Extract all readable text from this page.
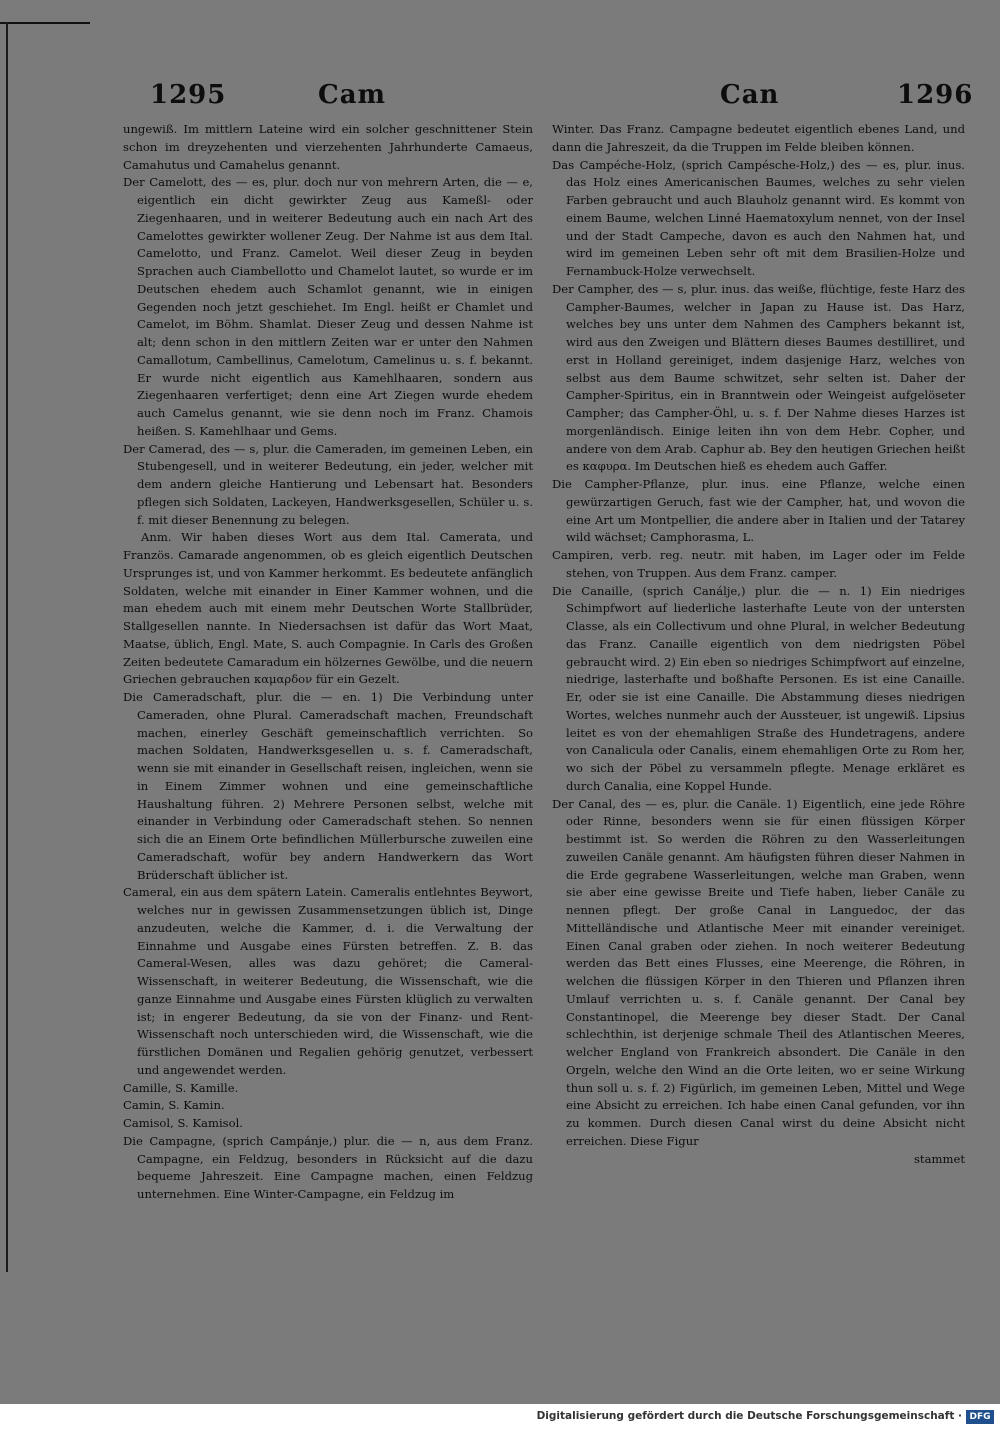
1295	Cam	Can	1296

ungewiß. Im mittlern Lateine wird ein solcher geschnittener Stein schon im dreyzehenten und vierzehenten Jahrhunderte Camaeus, Camahutus und Camahelus genannt.

Der Camelott, des — es, plur. doch nur von mehrern Arten, die — e, eigentlich ein dicht gewirkter Zeug aus Kameßl- oder Ziegenhaaren, und in weiterer Bedeutung auch ein nach Art des Camelottes gewirkter wollener Zeug. Der Nahme ist aus dem Ital. Camelotto, und Franz. Camelot. Weil dieser Zeug in beyden Sprachen auch Ciambellotto und Chamelot lautet, so wurde er im Deutschen ehedem auch Schamlot genannt, wie in einigen Gegenden noch jetzt geschiehet. Im Engl. heißt er Chamlet und Camelot, im Böhm. Shamlat. Dieser Zeug und dessen Nahme ist alt; denn schon in den mittlern Zeiten war er unter den Nahmen Camallotum, Cambellinus, Camelotum, Camelinus u. s. f. bekannt. Er wurde nicht eigentlich aus Kamehlhaaren, sondern aus Ziegenhaaren verfertiget; denn eine Art Ziegen wurde ehedem auch Camelus genannt, wie sie denn noch im Franz. Chamois heißen. S. Kamehlhaar und Gems.

Der Camerad, des — s, plur. die Cameraden, im gemeinen Leben, ein Stubengesell, und in weiterer Bedeutung, ein jeder, welcher mit dem andern gleiche Hantierung und Lebensart hat. Besonders pflegen sich Soldaten, Lackeyen, Handwerksgesellen, Schüler u. s. f. mit dieser Benennung zu belegen.

Anm. Wir haben dieses Wort aus dem Ital. Camerata, und Französ. Camarade angenommen, ob es gleich eigentlich Deutschen Ursprunges ist, und von Kammer herkommt. Es bedeutete anfänglich Soldaten, welche mit einander in Einer Kammer wohnen, und die man ehedem auch mit einem mehr Deutschen Worte Stallbrüder, Stallgesellen nannte. In Niedersachsen ist dafür das Wort Maat, Maatse, üblich, Engl. Mate, S. auch Compagnie. In Carls des Großen Zeiten bedeutete Camaradum ein hölzernes Gewölbe, und die neuern Griechen gebrauchen καμαρδον für ein Gezelt.

Die Cameradschaft, plur. die — en. 1) Die Verbindung unter Cameraden, ohne Plural. Cameradschaft machen, Freundschaft machen, einerley Geschäft gemeinschaftlich verrichten. So machen Soldaten, Handwerksgesellen u. s. f. Cameradschaft, wenn sie mit einander in Gesellschaft reisen, ingleichen, wenn sie in Einem Zimmer wohnen und eine gemeinschaftliche Haushaltung führen. 2) Mehrere Personen selbst, welche mit einander in Verbindung oder Cameradschaft stehen. So nennen sich die an Einem Orte befindlichen Müllerbursche zuweilen eine Cameradschaft, wofür bey andern Handwerkern das Wort Brüderschaft üblicher ist.

Cameral, ein aus dem spätern Latein. Cameralis entlehntes Beywort, welches nur in gewissen Zusammensetzungen üblich ist, Dinge anzudeuten, welche die Kammer, d. i. die Verwaltung der Einnahme und Ausgabe eines Fürsten betreffen. Z. B. das Cameral-Wesen, alles was dazu gehöret; die Cameral-Wissenschaft, in weiterer Bedeutung, die Wissenschaft, wie die ganze Einnahme und Ausgabe eines Fürsten klüglich zu verwalten ist; in engerer Bedeutung, da sie von der Finanz- und Rent-Wissenschaft noch unterschieden wird, die Wissenschaft, wie die fürstlichen Domänen und Regalien gehörig genutzet, verbessert und angewendet werden.

Camille, S. Kamille.

Camin, S. Kamin.

Camisol, S. Kamisol.

Die Campagne, (sprich Campánje,) plur. die — n, aus dem Franz. Campagne, ein Feldzug, besonders in Rücksicht auf die dazu bequeme Jahreszeit. Eine Campagne machen, einen Feldzug unternehmen. Eine Winter-Campagne, ein Feldzug im

Winter. Das Franz. Campagne bedeutet eigentlich ebenes Land, und dann die Jahreszeit, da die Truppen im Felde bleiben können.

Das Campéche-Holz, (sprich Campésche-Holz,) des — es, plur. inus. das Holz eines Americanischen Baumes, welches zu sehr vielen Farben gebraucht und auch Blauholz genannt wird. Es kommt von einem Baume, welchen Linné Haematoxylum nennet, von der Insel und der Stadt Campeche, davon es auch den Nahmen hat, und wird im gemeinen Leben sehr oft mit dem Brasilien-Holze und Fernambuck-Holze verwechselt.

Der Campher, des — s, plur. inus. das weiße, flüchtige, feste Harz des Campher-Baumes, welcher in Japan zu Hause ist. Das Harz, welches bey uns unter dem Nahmen des Camphers bekannt ist, wird aus den Zweigen und Blättern dieses Baumes destilliret, und erst in Holland gereiniget, indem dasjenige Harz, welches von selbst aus dem Baume schwitzet, sehr selten ist. Daher der Campher-Spiritus, ein in Branntwein oder Weingeist aufgelöseter Campher; das Campher-Öhl, u. s. f. Der Nahme dieses Harzes ist morgenländisch. Einige leiten ihn von dem Hebr. Copher, und andere von dem Arab. Caphur ab. Bey den heutigen Griechen heißt es καφυρα. Im Deutschen hieß es ehedem auch Gaffer.

Die Campher-Pflanze, plur. inus. eine Pflanze, welche einen gewürzartigen Geruch, fast wie der Campher, hat, und wovon die eine Art um Montpellier, die andere aber in Italien und der Tatarey wild wächset; Camphorasma, L.

Campiren, verb. reg. neutr. mit haben, im Lager oder im Felde stehen, von Truppen. Aus dem Franz. camper.

Die Canaille, (sprich Canálje,) plur. die — n. 1) Ein niedriges Schimpfwort auf liederliche lasterhafte Leute von der untersten Classe, als ein Collectivum und ohne Plural, in welcher Bedeutung das Franz. Canaille eigentlich von dem niedrigsten Pöbel gebraucht wird. 2) Ein eben so niedriges Schimpfwort auf einzelne, niedrige, lasterhafte und boßhafte Personen. Es ist eine Canaille. Er, oder sie ist eine Canaille. Die Abstammung dieses niedrigen Wortes, welches nunmehr auch der Aussteuer, ist ungewiß. Lipsius leitet es von der ehemahligen Straße des Hundetragens, andere von Canalicula oder Canalis, einem ehemahligen Orte zu Rom her, wo sich der Pöbel zu versammeln pflegte. Menage erkläret es durch Canalia, eine Koppel Hunde.

Der Canal, des — es, plur. die Canäle. 1) Eigentlich, eine jede Röhre oder Rinne, besonders wenn sie für einen flüssigen Körper bestimmt ist. So werden die Röhren zu den Wasserleitungen zuweilen Canäle genannt. Am häufigsten führen dieser Nahmen in die Erde gegrabene Wasserleitungen, welche man Graben, wenn sie aber eine gewisse Breite und Tiefe haben, lieber Canäle zu nennen pflegt. Der große Canal in Languedoc, der das Mittelländische und Atlantische Meer mit einander vereiniget. Einen Canal graben oder ziehen. In noch weiterer Bedeutung werden das Bett eines Flusses, eine Meerenge, die Röhren, in welchen die flüssigen Körper in den Thieren und Pflanzen ihren Umlauf verrichten u. s. f. Canäle genannt. Der Canal bey Constantinopel, die Meerenge bey dieser Stadt. Der Canal schlechthin, ist derjenige schmale Theil des Atlantischen Meeres, welcher England von Frankreich absondert. Die Canäle in den Orgeln, welche den Wind an die Orte leiten, wo er seine Wirkung thun soll u. s. f. 2) Figürlich, im gemeinen Leben, Mittel und Wege eine Absicht zu erreichen. Ich habe einen Canal gefunden, vor ihn zu kommen. Durch diesen Canal wirst du deine Absicht nicht erreichen. Diese Figur

stammet

Digitalisierung gefördert durch die Deutsche Forschungsgemeinschaft · DFG
